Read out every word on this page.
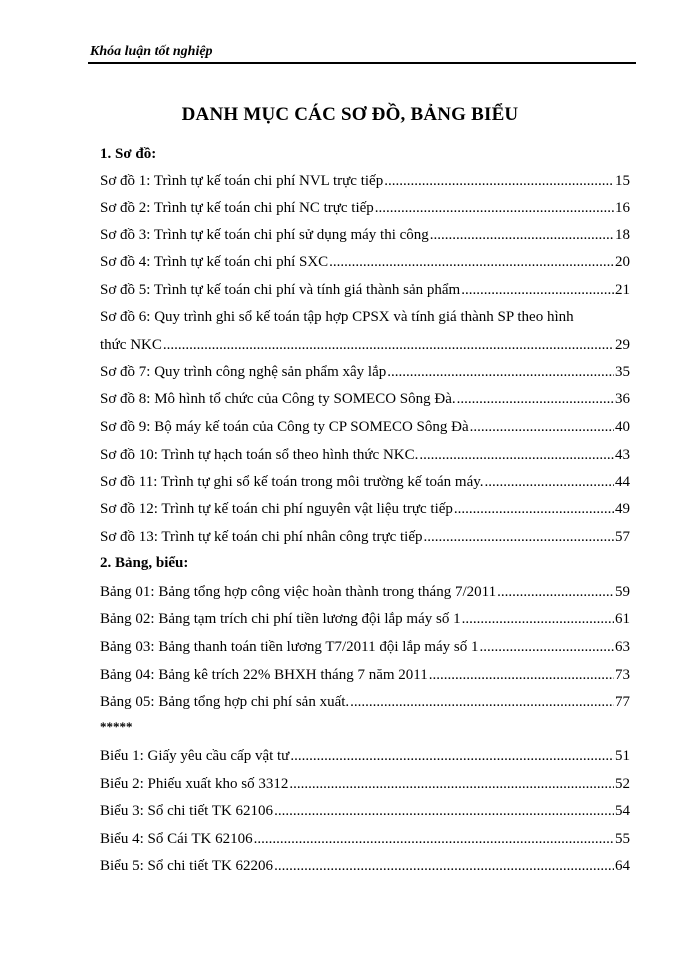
Khóa luận tốt nghiệp
DANH MỤC CÁC SƠ ĐỒ, BẢNG BIỂU
1. Sơ đồ:
Sơ đồ 1: Trình tự kế toán chi phí NVL trực tiếp .....	15
Sơ đồ 2: Trình tự kế toán chi phí NC trực tiếp .....	16
Sơ đồ 3: Trình tự kế toán chi phí sử dụng máy thi công .....	18
Sơ đồ 4: Trình tự kế toán chi phí SXC .....	20
Sơ đồ 5: Trình tự kế toán chi phí và tính giá thành sản phẩm .....	21
Sơ đồ 6: Quy trình ghi sổ kế toán tập hợp CPSX và tính giá thành SP theo hình
thức NKC .....	29
Sơ đồ 7: Quy trình công nghệ sản phẩm xây lắp .....	35
Sơ đồ 8: Mô hình tổ chức của Công ty SOMECO Sông Đà. .....	36
Sơ đồ 9: Bộ máy kế toán của Công ty CP SOMECO Sông Đà .....	40
Sơ đồ 10: Trình tự hạch toán sổ theo hình thức NKC. .....	43
Sơ đồ 11: Trình tự ghi sổ kế toán trong môi trường kế toán máy. .....	44
Sơ đồ 12: Trình tự kế toán chi phí nguyên vật liệu trực tiếp .....	49
Sơ đồ 13: Trình tự kế toán chi phí nhân công trực tiếp .....	57
2. Bảng, biểu:
Bảng 01: Bảng tổng hợp công việc hoàn thành trong tháng 7/2011 .....	59
Bảng 02: Bảng tạm trích chi phí tiền lương đội lắp máy số 1 .....	61
Bảng 03: Bảng thanh toán tiền lương T7/2011 đội lắp máy số 1 .....	63
Bảng 04: Bảng kê trích 22% BHXH tháng 7 năm 2011 .....	73
Bảng 05: Bảng tổng hợp chi phí sản xuất. .....	77
*****
Biểu 1: Giấy yêu cầu cấp vật tư .....	51
Biểu 2: Phiếu xuất kho số 3312 .....	52
Biểu 3: Sổ chi tiết TK 62106 .....	54
Biểu 4: Sổ Cái TK 62106 .....	55
Biểu 5: Sổ chi tiết TK 62206 .....	64
